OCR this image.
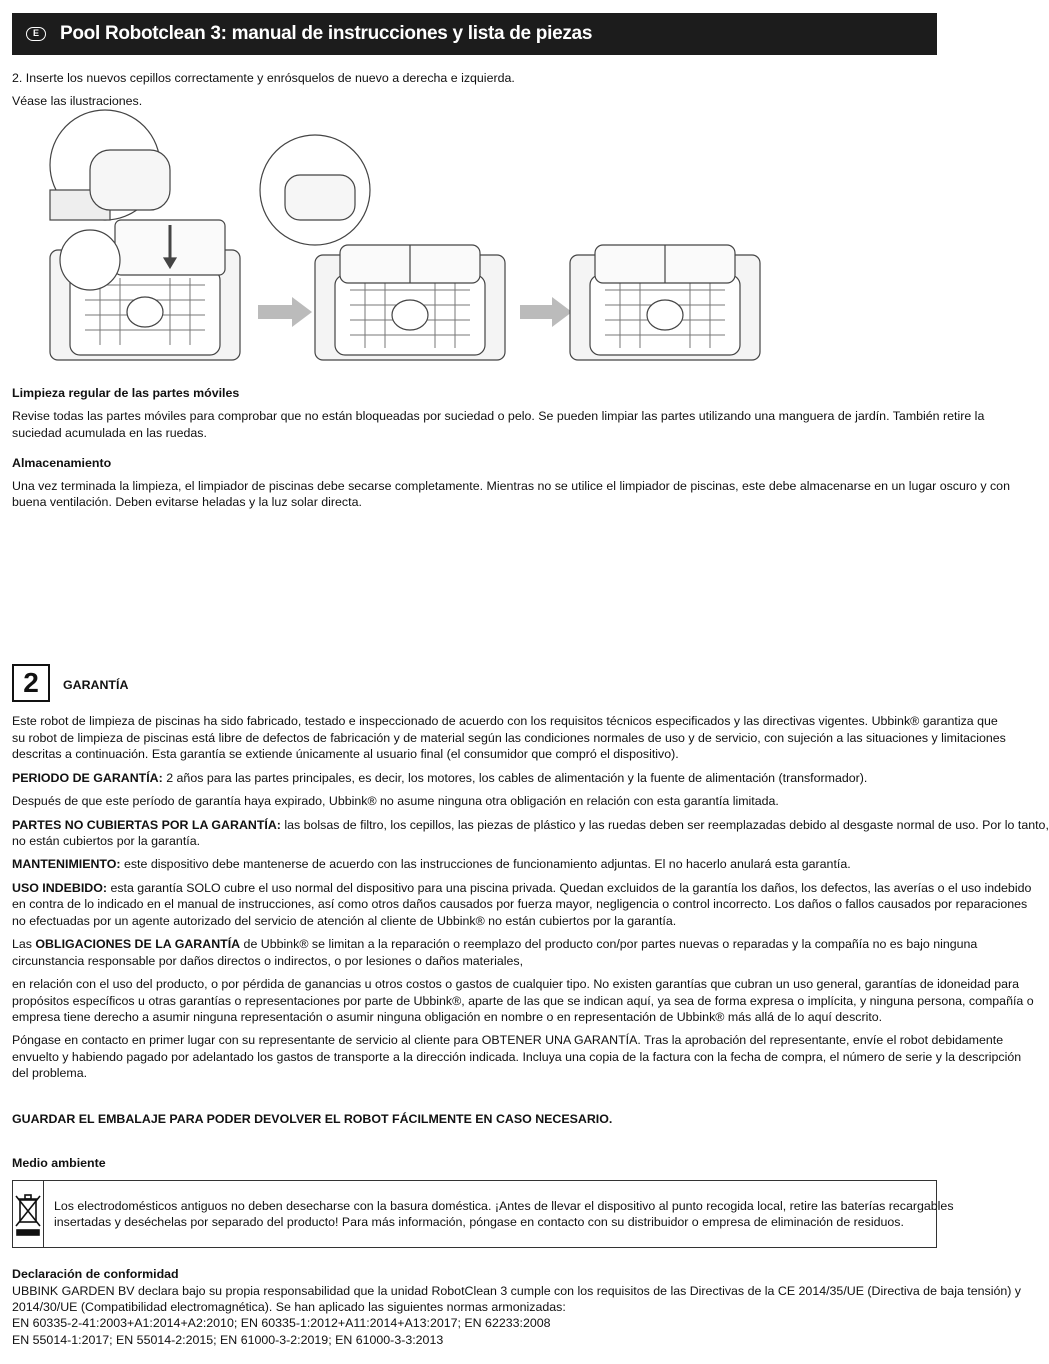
E	Pool Robotclean 3: manual de instrucciones y lista de piezas

2. Inserte los nuevos cepillos correctamente y enrósquelos de nuevo a derecha e izquierda.

Véase las ilustraciones.

Limpieza regular de las partes móviles

Revise todas las partes móviles para comprobar que no están bloqueadas por suciedad o pelo. Se pueden limpiar las partes utilizando una manguera de jardín. También retire la

suciedad acumulada en las ruedas.

Almacenamiento

Una vez terminada la limpieza, el limpiador de piscinas debe secarse completamente. Mientras no se utilice el limpiador de piscinas, este debe almacenarse en un lugar oscuro y con

buena ventilación. Deben evitarse heladas y la luz solar directa.

2	GARANTÍA

Este robot de limpieza de piscinas ha sido fabricado, testado e inspeccionado de acuerdo con los requisitos técnicos especificados y las directivas vigentes. Ubbink® garantiza que

su robot de limpieza de piscinas está libre de defectos de fabricación y de material según las condiciones normales de uso y de servicio, con sujeción a las situaciones y limitaciones

descritas a continuación. Esta garantía se extiende únicamente al usuario final (el consumidor que compró el dispositivo).

PERIODO DE GARANTÍA: 2 años para las partes principales, es decir, los motores, los cables de alimentación y la fuente de alimentación (transformador).

Después de que este período de garantía haya expirado, Ubbink® no asume ninguna otra obligación en relación con esta garantía limitada.

PARTES NO CUBIERTAS POR LA GARANTÍA: las bolsas de filtro, los cepillos, las piezas de plástico y las ruedas deben ser reemplazadas debido al desgaste normal de uso. Por lo tanto,

no están cubiertos por la garantía.

MANTENIMIENTO: este dispositivo debe mantenerse de acuerdo con las instrucciones de funcionamiento adjuntas. El no hacerlo anulará esta garantía.

USO INDEBIDO: esta garantía SOLO cubre el uso normal del dispositivo para una piscina privada. Quedan excluidos de la garantía los daños, los defectos, las averías o el uso indebido

en contra de lo indicado en el manual de instrucciones, así como otros daños causados por fuerza mayor, negligencia o control incorrecto. Los daños o fallos causados por reparaciones

no efectuadas por un agente autorizado del servicio de atención al cliente de Ubbink® no están cubiertos por la garantía.

Las OBLIGACIONES DE LA GARANTÍA de Ubbink® se limitan a la reparación o reemplazo del producto con/por partes nuevas o reparadas y la compañía no es bajo ninguna

circunstancia responsable por daños directos o indirectos, o por lesiones o daños materiales,

en relación con el uso del producto, o por pérdida de ganancias u otros costos o gastos de cualquier tipo. No existen garantías que cubran un uso general, garantías de idoneidad para

propósitos específicos u otras garantías o representaciones por parte de Ubbink®, aparte de las que se indican aquí, ya sea de forma expresa o implícita, y ninguna persona, compañía o

empresa tiene derecho a asumir ninguna representación o asumir ninguna obligación en nombre o en representación de Ubbink® más allá de lo aquí descrito.

Póngase en contacto en primer lugar con su representante de servicio al cliente para OBTENER UNA GARANTÍA. Tras la aprobación del representante, envíe el robot debidamente

envuelto y habiendo pagado por adelantado los gastos de transporte a la dirección indicada. Incluya una copia de la factura con la fecha de compra, el número de serie y la descripción

del problema.

GUARDAR EL EMBALAJE PARA PODER DEVOLVER EL ROBOT FÁCILMENTE EN CASO NECESARIO.

Medio ambiente

Los electrodomésticos antiguos no deben desecharse con la basura doméstica. ¡Antes de llevar el dispositivo al punto recogida local, retire las baterías recargables

insertadas y deséchelas por separado del producto! Para más información, póngase en contacto con su distribuidor o empresa de eliminación de residuos.

Declaración de conformidad

UBBINK GARDEN BV declara bajo su propia responsabilidad que la unidad RobotClean 3 cumple con los requisitos de las Directivas de la CE 2014/35/UE (Directiva de baja tensión) y

2014/30/UE (Compatibilidad electromagnética). Se han aplicado las siguientes normas armonizadas:

EN 60335-2-41:2003+A1:2014+A2:2010; EN 60335-1:2012+A11:2014+A13:2017; EN 62233:2008

EN 55014-1:2017; EN 55014-2:2015; EN 61000-3-2:2019; EN 61000-3-3:2013
